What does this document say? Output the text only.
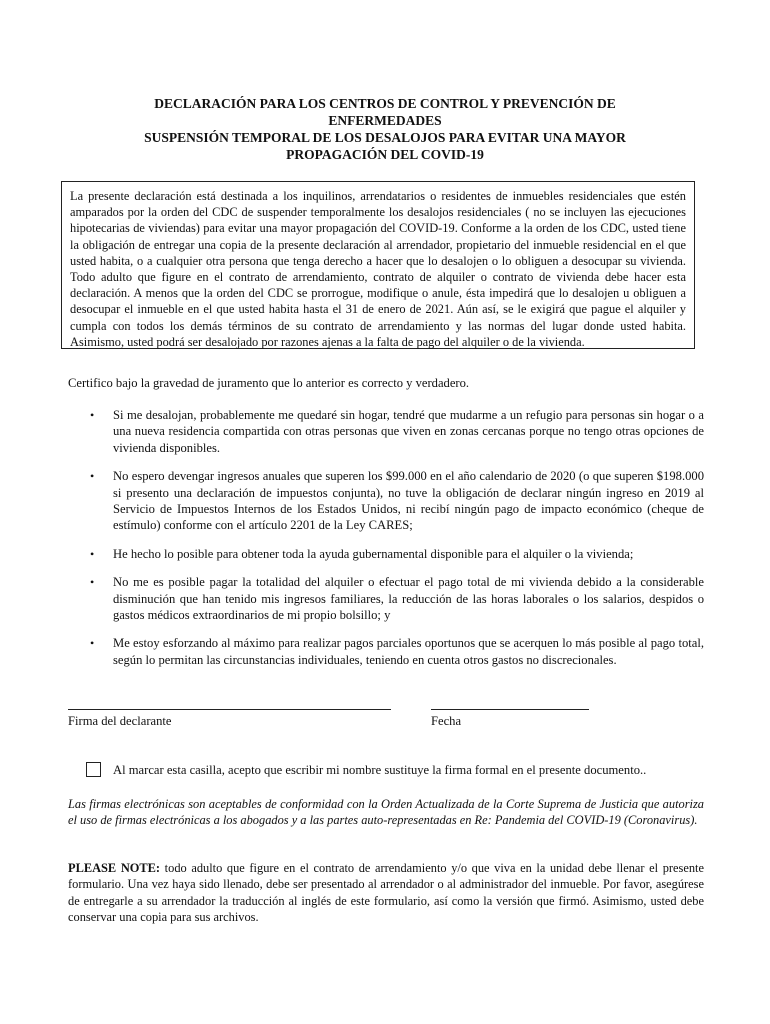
DECLARACIÓN PARA LOS CENTROS DE CONTROL Y PREVENCIÓN DE
ENFERMEDADES
SUSPENSIÓN TEMPORAL DE LOS DESALOJOS PARA EVITAR UNA MAYOR
PROPAGACIÓN DEL COVID-19
La presente declaración está destinada a los inquilinos, arrendatarios o residentes de inmuebles residenciales que estén amparados por la orden del CDC de suspender temporalmente los desalojos residenciales ( no se incluyen las ejecuciones hipotecarias de viviendas) para evitar una mayor propagación del COVID-19. Conforme a la orden de los CDC, usted tiene la obligación de entregar una copia de la presente declaración al arrendador, propietario del inmueble residencial en el que usted habita, o a cualquier otra persona que tenga derecho a hacer que lo desalojen o lo obliguen a desocupar su vivienda. Todo adulto que figure en el contrato de arrendamiento, contrato de alquiler o contrato de vivienda debe hacer esta declaración. A menos que la orden del CDC se prorrogue, modifique o anule, ésta impedirá que lo desalojen u obliguen a desocupar el inmueble en el que usted habita hasta el 31 de enero de 2021. Aún así, se le exigirá que pague el alquiler y cumpla con todos los demás términos de su contrato de arrendamiento y las normas del lugar donde usted habita. Asimismo, usted podrá ser desalojado por razones ajenas a la falta de pago del alquiler o de la vivienda.
Certifico bajo la gravedad de juramento que lo anterior es correcto y verdadero.
• Si me desalojan, probablemente me quedaré sin hogar, tendré que mudarme a un refugio para personas sin hogar o a una nueva residencia compartida con otras personas que viven en zonas cercanas porque no tengo otras opciones de vivienda disponibles.
• No espero devengar ingresos anuales que superen los $99.000 en el año calendario de 2020 (o que superen $198.000 si presento una declaración de impuestos conjunta), no tuve la obligación de declarar ningún ingreso en 2019 al Servicio de Impuestos Internos de los Estados Unidos, ni recibí ningún pago de impacto económico (cheque de estímulo) conforme con el artículo 2201 de la Ley CARES;
• He hecho lo posible para obtener toda la ayuda gubernamental disponible para el alquiler o la vivienda;
• No me es posible pagar la totalidad del alquiler o efectuar el pago total de mi vivienda debido a la considerable disminución que han tenido mis ingresos familiares, la reducción de las horas laborales o los salarios, despidos o gastos médicos extraordinarios de mi propio bolsillo; y
• Me estoy esforzando al máximo para realizar pagos parciales oportunos que se acerquen lo más posible al pago total, según lo permitan las circunstancias individuales, teniendo en cuenta otros gastos no discrecionales.
Firma del declarante	Fecha
Al marcar esta casilla, acepto que escribir mi nombre sustituye la firma formal en el presente documento..
Las firmas electrónicas son aceptables de conformidad con la Orden Actualizada de la Corte Suprema de Justicia que autoriza el uso de firmas electrónicas a los abogados y a las partes auto-representadas en Re: Pandemia del COVID-19 (Coronavirus).
PLEASE NOTE: todo adulto que figure en el contrato de arrendamiento y/o que viva en la unidad debe llenar el presente formulario. Una vez haya sido llenado, debe ser presentado al arrendador o al administrador del inmueble. Por favor, asegúrese de entregarle a su arrendador la traducción al inglés de este formulario, así como la versión que firmó. Asimismo, usted debe conservar una copia para sus archivos.
